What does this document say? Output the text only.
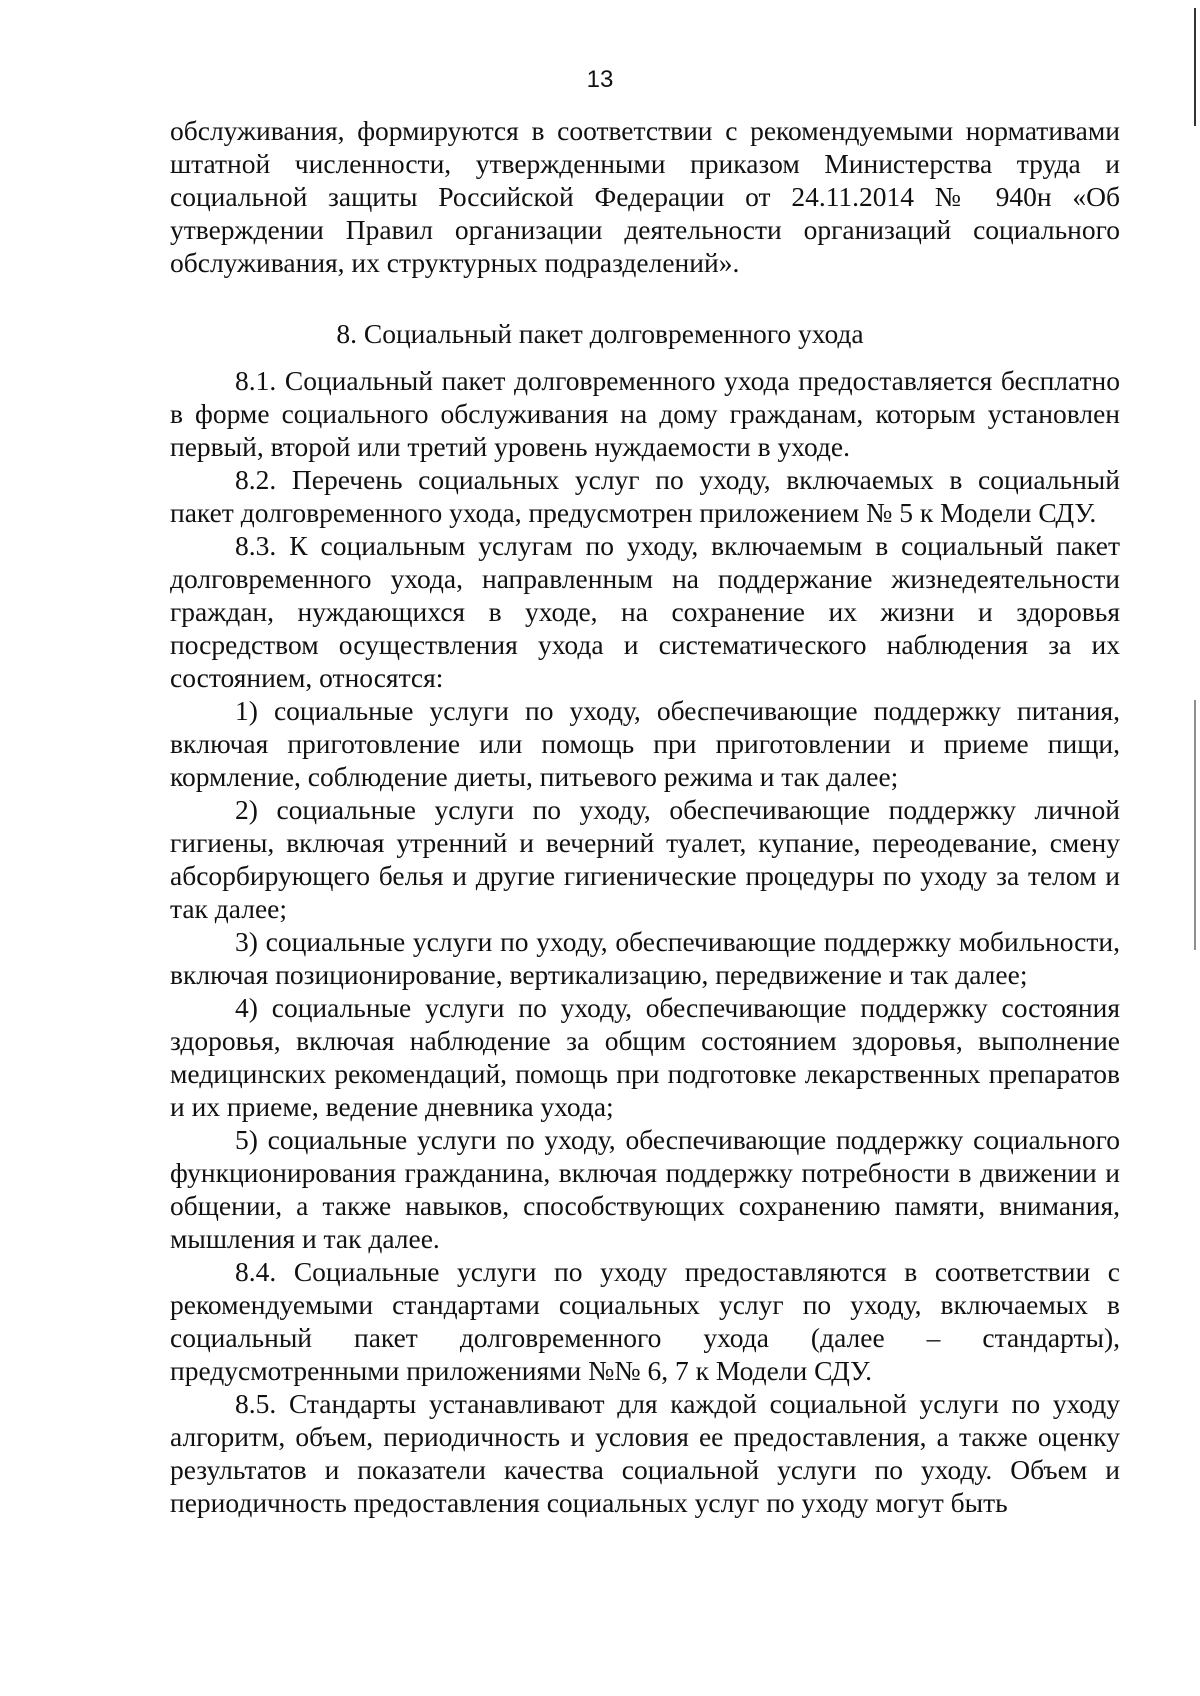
13

обслуживания, формируются в соответствии с рекомендуемыми нормативами штатной численности, утвержденными приказом Министерства труда и социальной защиты Российской Федерации от 24.11.2014 № 940н «Об утверждении Правил организации деятельности организаций социального обслуживания, их структурных подразделений».

8. Социальный пакет долговременного ухода

8.1. Социальный пакет долговременного ухода предоставляется бесплатно в форме социального обслуживания на дому гражданам, которым установлен первый, второй или третий уровень нуждаемости в уходе.

8.2. Перечень социальных услуг по уходу, включаемых в социальный пакет долговременного ухода, предусмотрен приложением № 5 к Модели СДУ.

8.3. К социальным услугам по уходу, включаемым в социальный пакет долговременного ухода, направленным на поддержание жизнедеятельности граждан, нуждающихся в уходе, на сохранение их жизни и здоровья посредством осуществления ухода и систематического наблюдения за их состоянием, относятся:

1) социальные услуги по уходу, обеспечивающие поддержку питания, включая приготовление или помощь при приготовлении и приеме пищи, кормление, соблюдение диеты, питьевого режима и так далее;

2) социальные услуги по уходу, обеспечивающие поддержку личной гигиены, включая утренний и вечерний туалет, купание, переодевание, смену абсорбирующего белья и другие гигиенические процедуры по уходу за телом и так далее;

3) социальные услуги по уходу, обеспечивающие поддержку мобильности, включая позиционирование, вертикализацию, передвижение и так далее;

4) социальные услуги по уходу, обеспечивающие поддержку состояния здоровья, включая наблюдение за общим состоянием здоровья, выполнение медицинских рекомендаций, помощь при подготовке лекарственных препаратов и их приеме, ведение дневника ухода;

5) социальные услуги по уходу, обеспечивающие поддержку социального функционирования гражданина, включая поддержку потребности в движении и общении, а также навыков, способствующих сохранению памяти, внимания, мышления и так далее.

8.4. Социальные услуги по уходу предоставляются в соответствии с рекомендуемыми стандартами социальных услуг по уходу, включаемых в социальный пакет долговременного ухода (далее – стандарты), предусмотренными приложениями №№ 6, 7 к Модели СДУ.

8.5. Стандарты устанавливают для каждой социальной услуги по уходу алгоритм, объем, периодичность и условия ее предоставления, а также оценку результатов и показатели качества социальной услуги по уходу. Объем и периодичность предоставления социальных услуг по уходу могут быть
